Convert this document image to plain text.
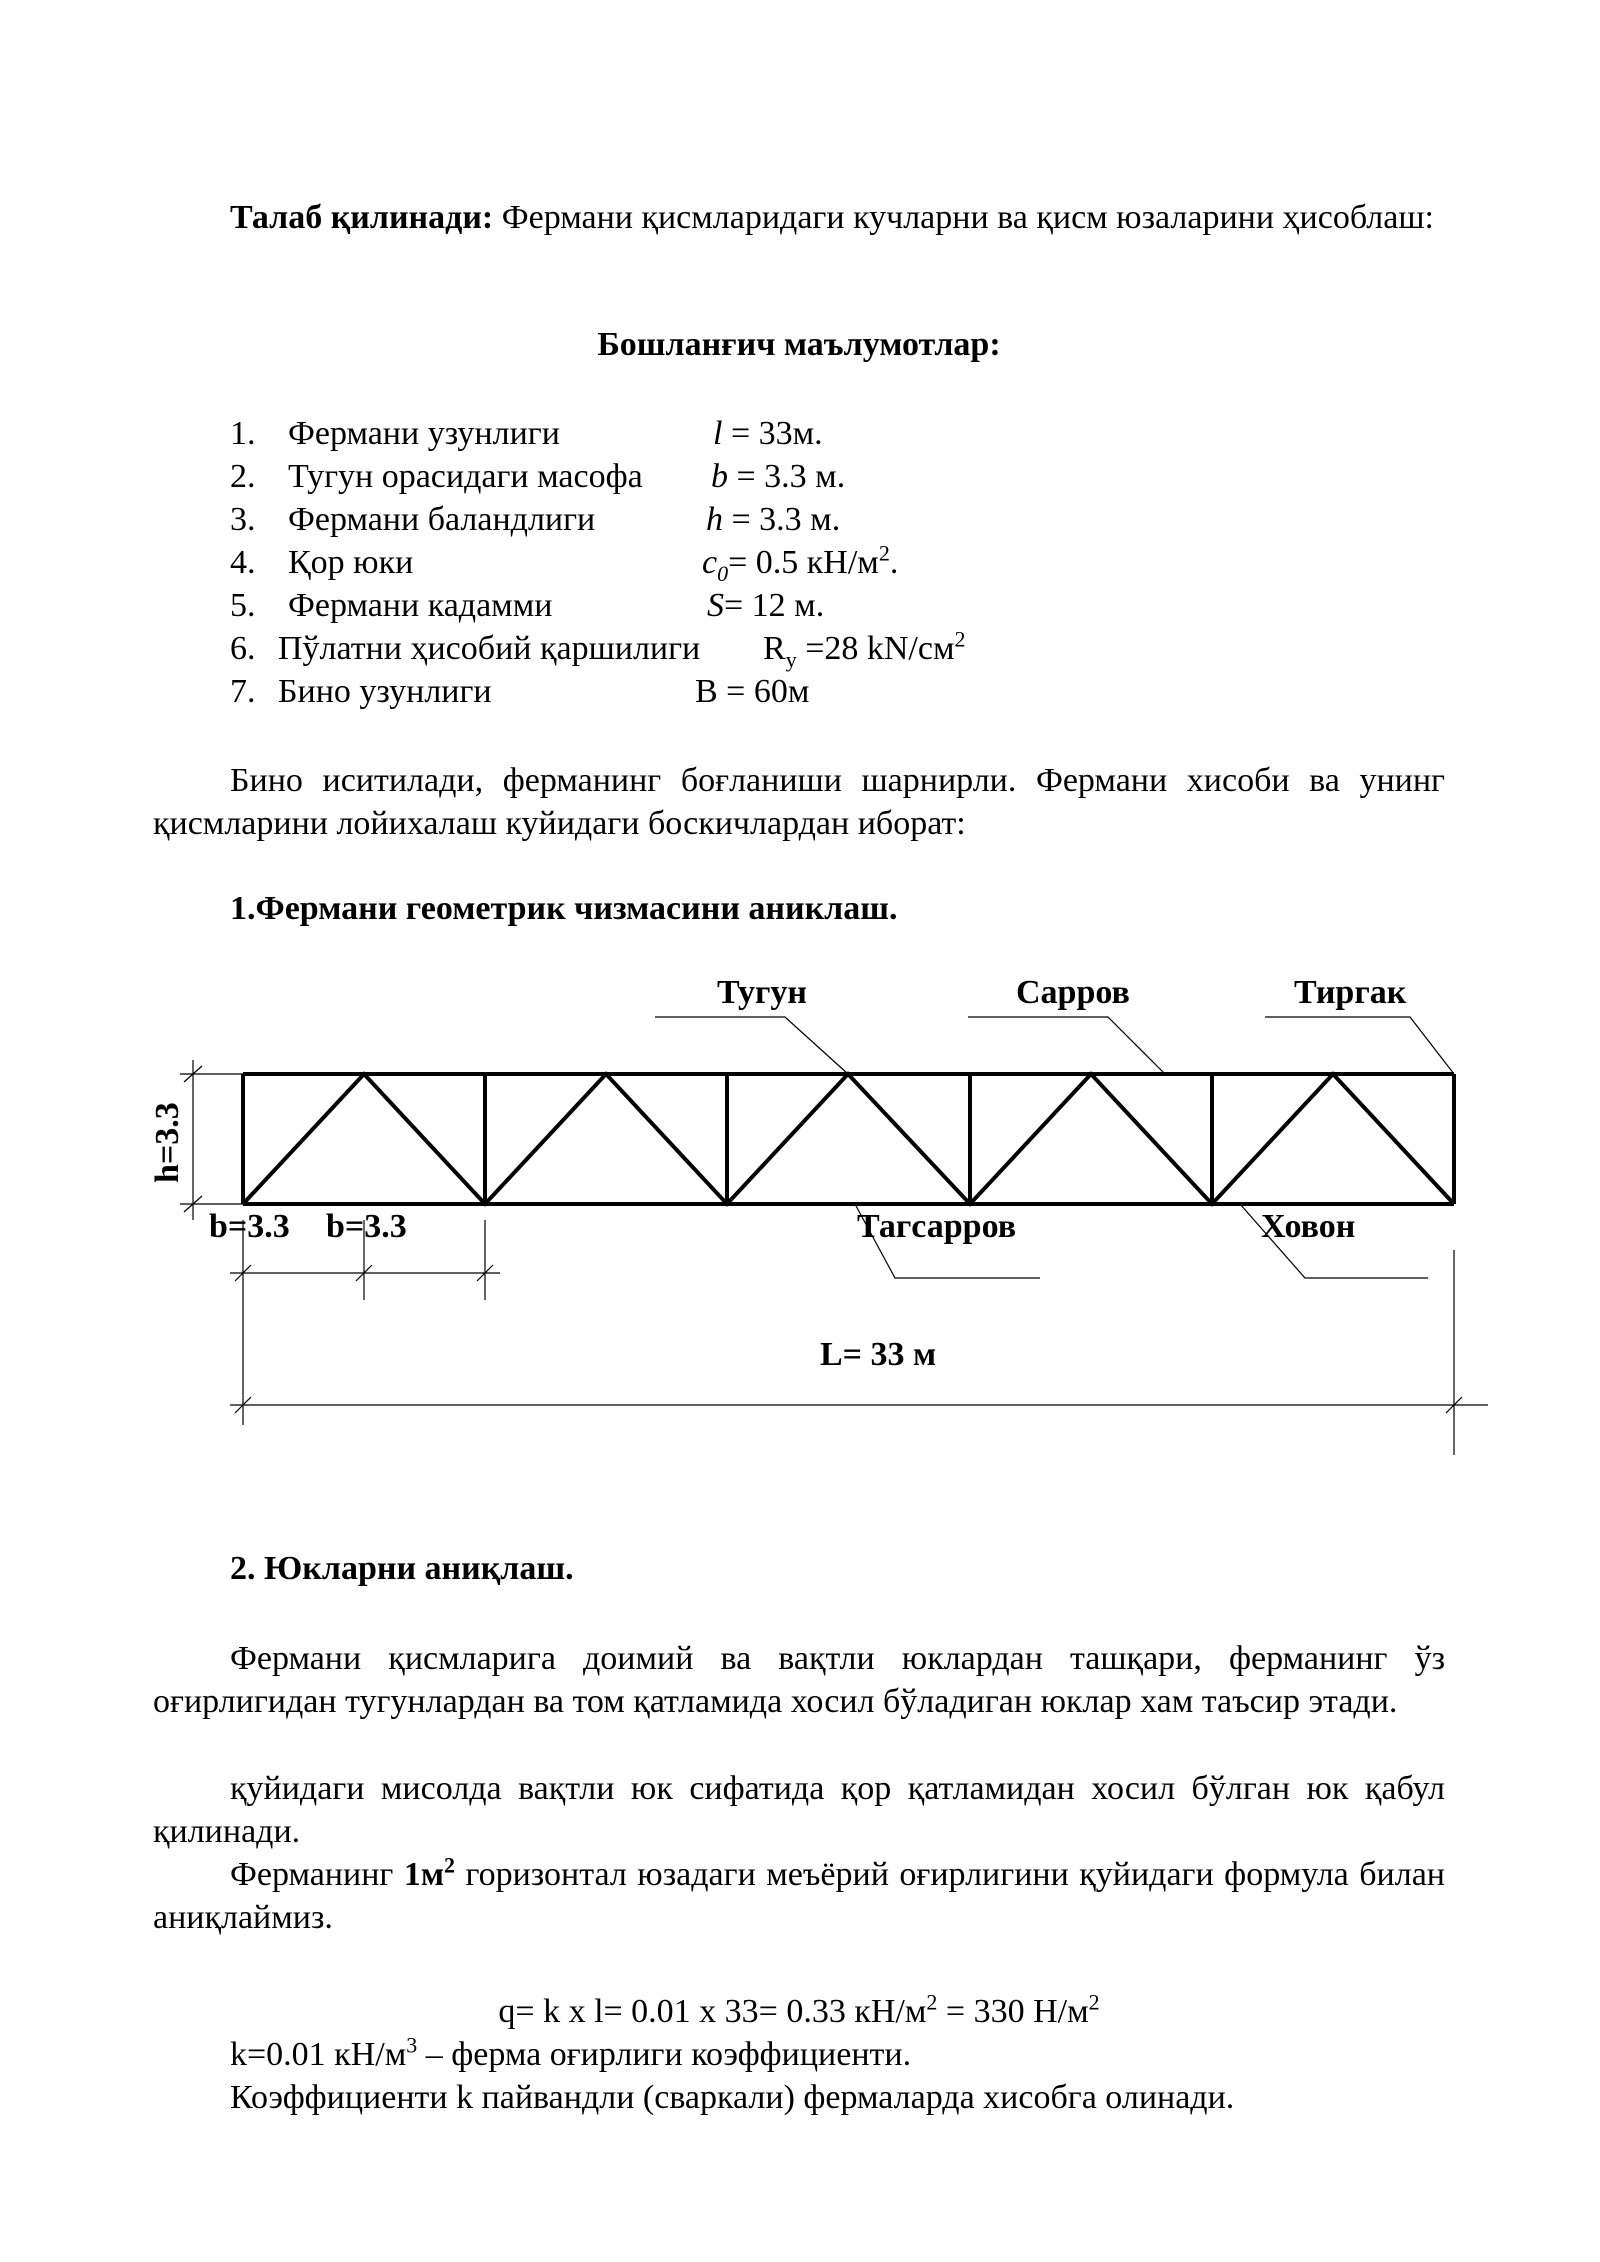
Талаб қилинади: Фермани қисмларидаги кучларни ва қисм юзаларини ҳисоблаш:

Бошланғич маълумотлар:

1. Фермани узунлиги	l = 33м.
2. Тугун орасидаги масофа b = 3.3 м.
3. Фермани баландлиги	h = 3.3 м.
4. Қор юки	$c_0= 0.5$ $кН/м^2$.
5. Фермани кадамми	S= 12 м.
6. Пўлатни ҳисобий қаршилиги $R_y =28$ $kN/см^2$
7. Бино узунлиги	B = 60м

Бино иситилади, ферманинг боғланиши шарнирли. Фермани хисоби ва унинг қисмларини лойихалаш куйидаги боскичлардан иборат:

1.Фермани геометрик чизмасини аниклаш.

Тугун	Сарров	Тиргак
Тагсарров	Ховон
h=3.3
b=3.3 b=3.3
L= 33 м

2. Юкларни аниқлаш.

Фермани қисмларига доимий ва вақтли юклардан ташқари, ферманинг ўз оғирлигидан тугунлардан ва том қатламида хосил бўладиган юклар хам таъсир этади.

қуйидаги мисолда вақтли юк сифатида қор қатламидан хосил бўлган юк қабул қилинади.

Ферманинг $1м^2$ горизонтал юзадаги меъёрий оғирлигини қуйидаги формула билан аниқлаймиз.

q= k x l= 0.01 x 33= 0.33 $кН/м^2 = 330$ $Н/м^2$

k=0.01 $кН/м^3$ – ферма оғирлиги коэффициенти.

Коэффициенти k пайвандли (сваркали) фермаларда хисобга олинади.
